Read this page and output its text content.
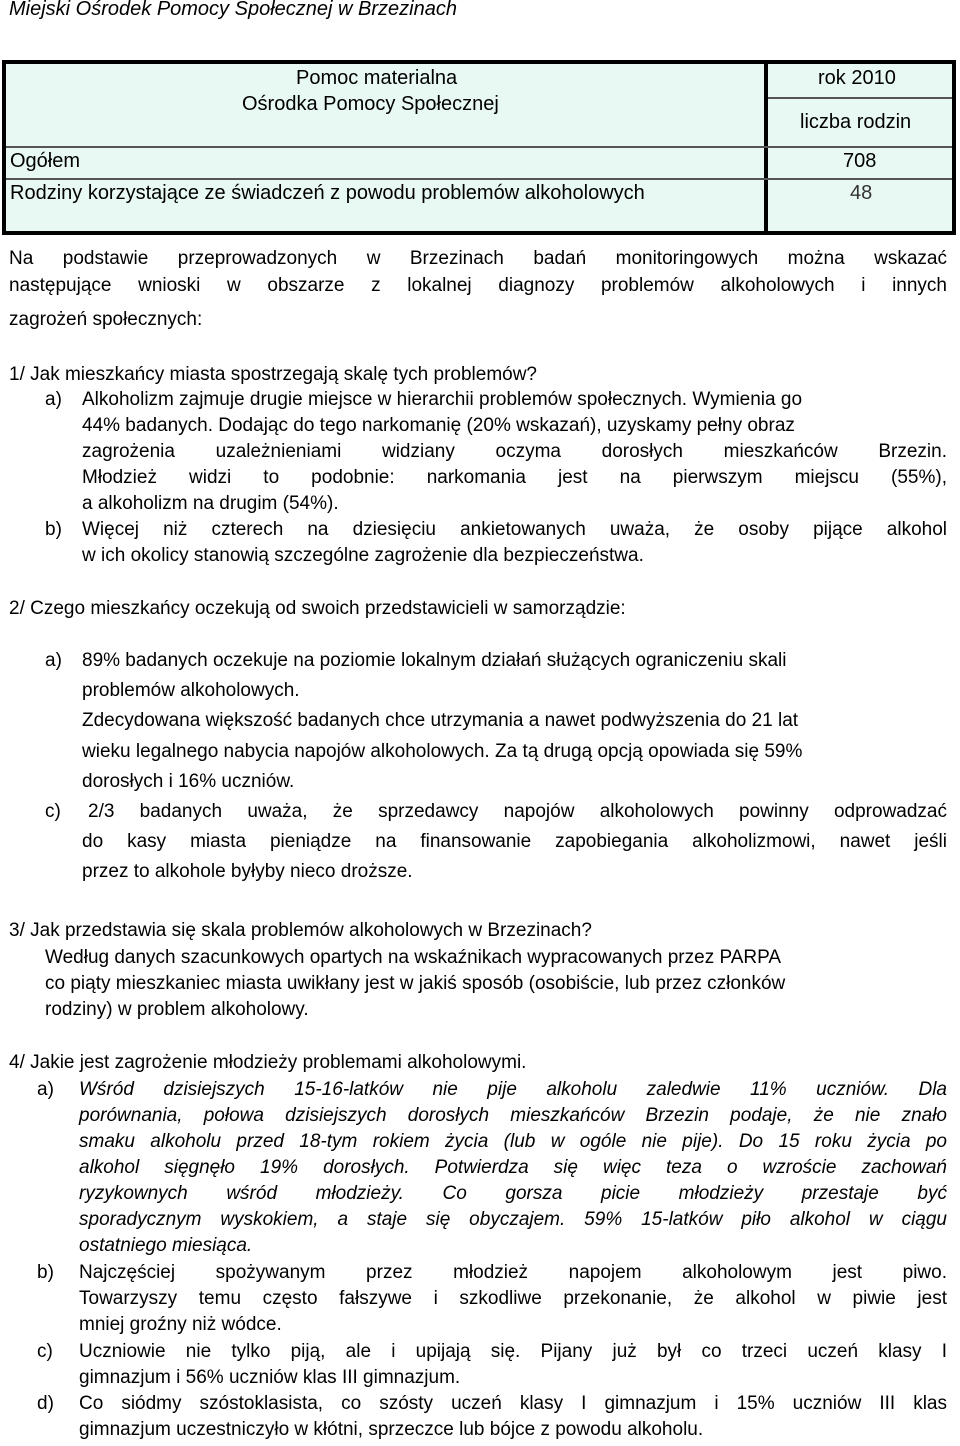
Miejski Ośrodek Pomocy Społecznej w Brzezinach
Pomoc materialna
Ośrodka Pomocy Społecznej
rok 2010
liczba rodzin
Ogółem	708
Rodziny korzystające ze świadczeń z powodu problemów alkoholowych	48
Na podstawie przeprowadzonych w Brzezinach badań monitoringowych można wskazać
następujące wnioski w obszarze z lokalnej diagnozy problemów alkoholowych i innych
zagrożeń społecznych:
1/ Jak mieszkańcy miasta spostrzegają skalę tych problemów?
a) Alkoholizm zajmuje drugie miejsce w hierarchii problemów społecznych. Wymienia go
44% badanych. Dodając do tego narkomanię (20% wskazań), uzyskamy pełny obraz
zagrożenia uzależnieniami widziany oczyma dorosłych mieszkańców Brzezin.
Młodzież widzi to podobnie: narkomania jest na pierwszym miejscu (55%),
a alkoholizm na drugim (54%).
b) Więcej niż czterech na dziesięciu ankietowanych uważa, że osoby pijące alkohol
w ich okolicy stanowią szczególne zagrożenie dla bezpieczeństwa.
2/ Czego mieszkańcy oczekują od swoich przedstawicieli w samorządzie:
a) 89% badanych oczekuje na poziomie lokalnym działań służących ograniczeniu skali
problemów alkoholowych.
Zdecydowana większość badanych chce utrzymania a nawet podwyższenia do 21 lat
wieku legalnego nabycia napojów alkoholowych. Za tą drugą opcją opowiada się 59%
dorosłych i 16% uczniów.
c) 2/3 badanych uważa, że sprzedawcy napojów alkoholowych powinny odprowadzać
do kasy miasta pieniądze na finansowanie zapobiegania alkoholizmowi, nawet jeśli
przez to alkohole byłyby nieco droższe.
3/ Jak przedstawia się skala problemów alkoholowych w Brzezinach?
Według danych szacunkowych opartych na wskaźnikach wypracowanych przez PARPA
co piąty mieszkaniec miasta uwikłany jest w jakiś sposób (osobiście, lub przez członków
rodziny) w problem alkoholowy.
4/ Jakie jest zagrożenie młodzieży problemami alkoholowymi.
a) Wśród dzisiejszych 15-16-latków nie pije alkoholu zaledwie 11% uczniów. Dla
porównania, połowa dzisiejszych dorosłych mieszkańców Brzezin podaje, że nie znało
smaku alkoholu przed 18-tym rokiem życia (lub w ogóle nie pije). Do 15 roku życia po
alkohol sięgnęło 19% dorosłych. Potwierdza się więc teza o wzroście zachowań
ryzykownych wśród młodzieży. Co gorsza picie młodzieży przestaje być
sporadycznym wyskokiem, a staje się obyczajem. 59% 15-latków piło alkohol w ciągu
ostatniego miesiąca.
b) Najczęściej spożywanym przez młodzież napojem alkoholowym jest piwo.
Towarzyszy temu często fałszywe i szkodliwe przekonanie, że alkohol w piwie jest
mniej groźny niż wódce.
c) Uczniowie nie tylko piją, ale i upijają się. Pijany już był co trzeci uczeń klasy I
gimnazjum i 56% uczniów klas III gimnazjum.
d) Co siódmy szóstoklasista, co szósty uczeń klasy I gimnazjum i 15% uczniów III klas
gimnazjum uczestniczyło w kłótni, sprzeczce lub bójce z powodu alkoholu.
